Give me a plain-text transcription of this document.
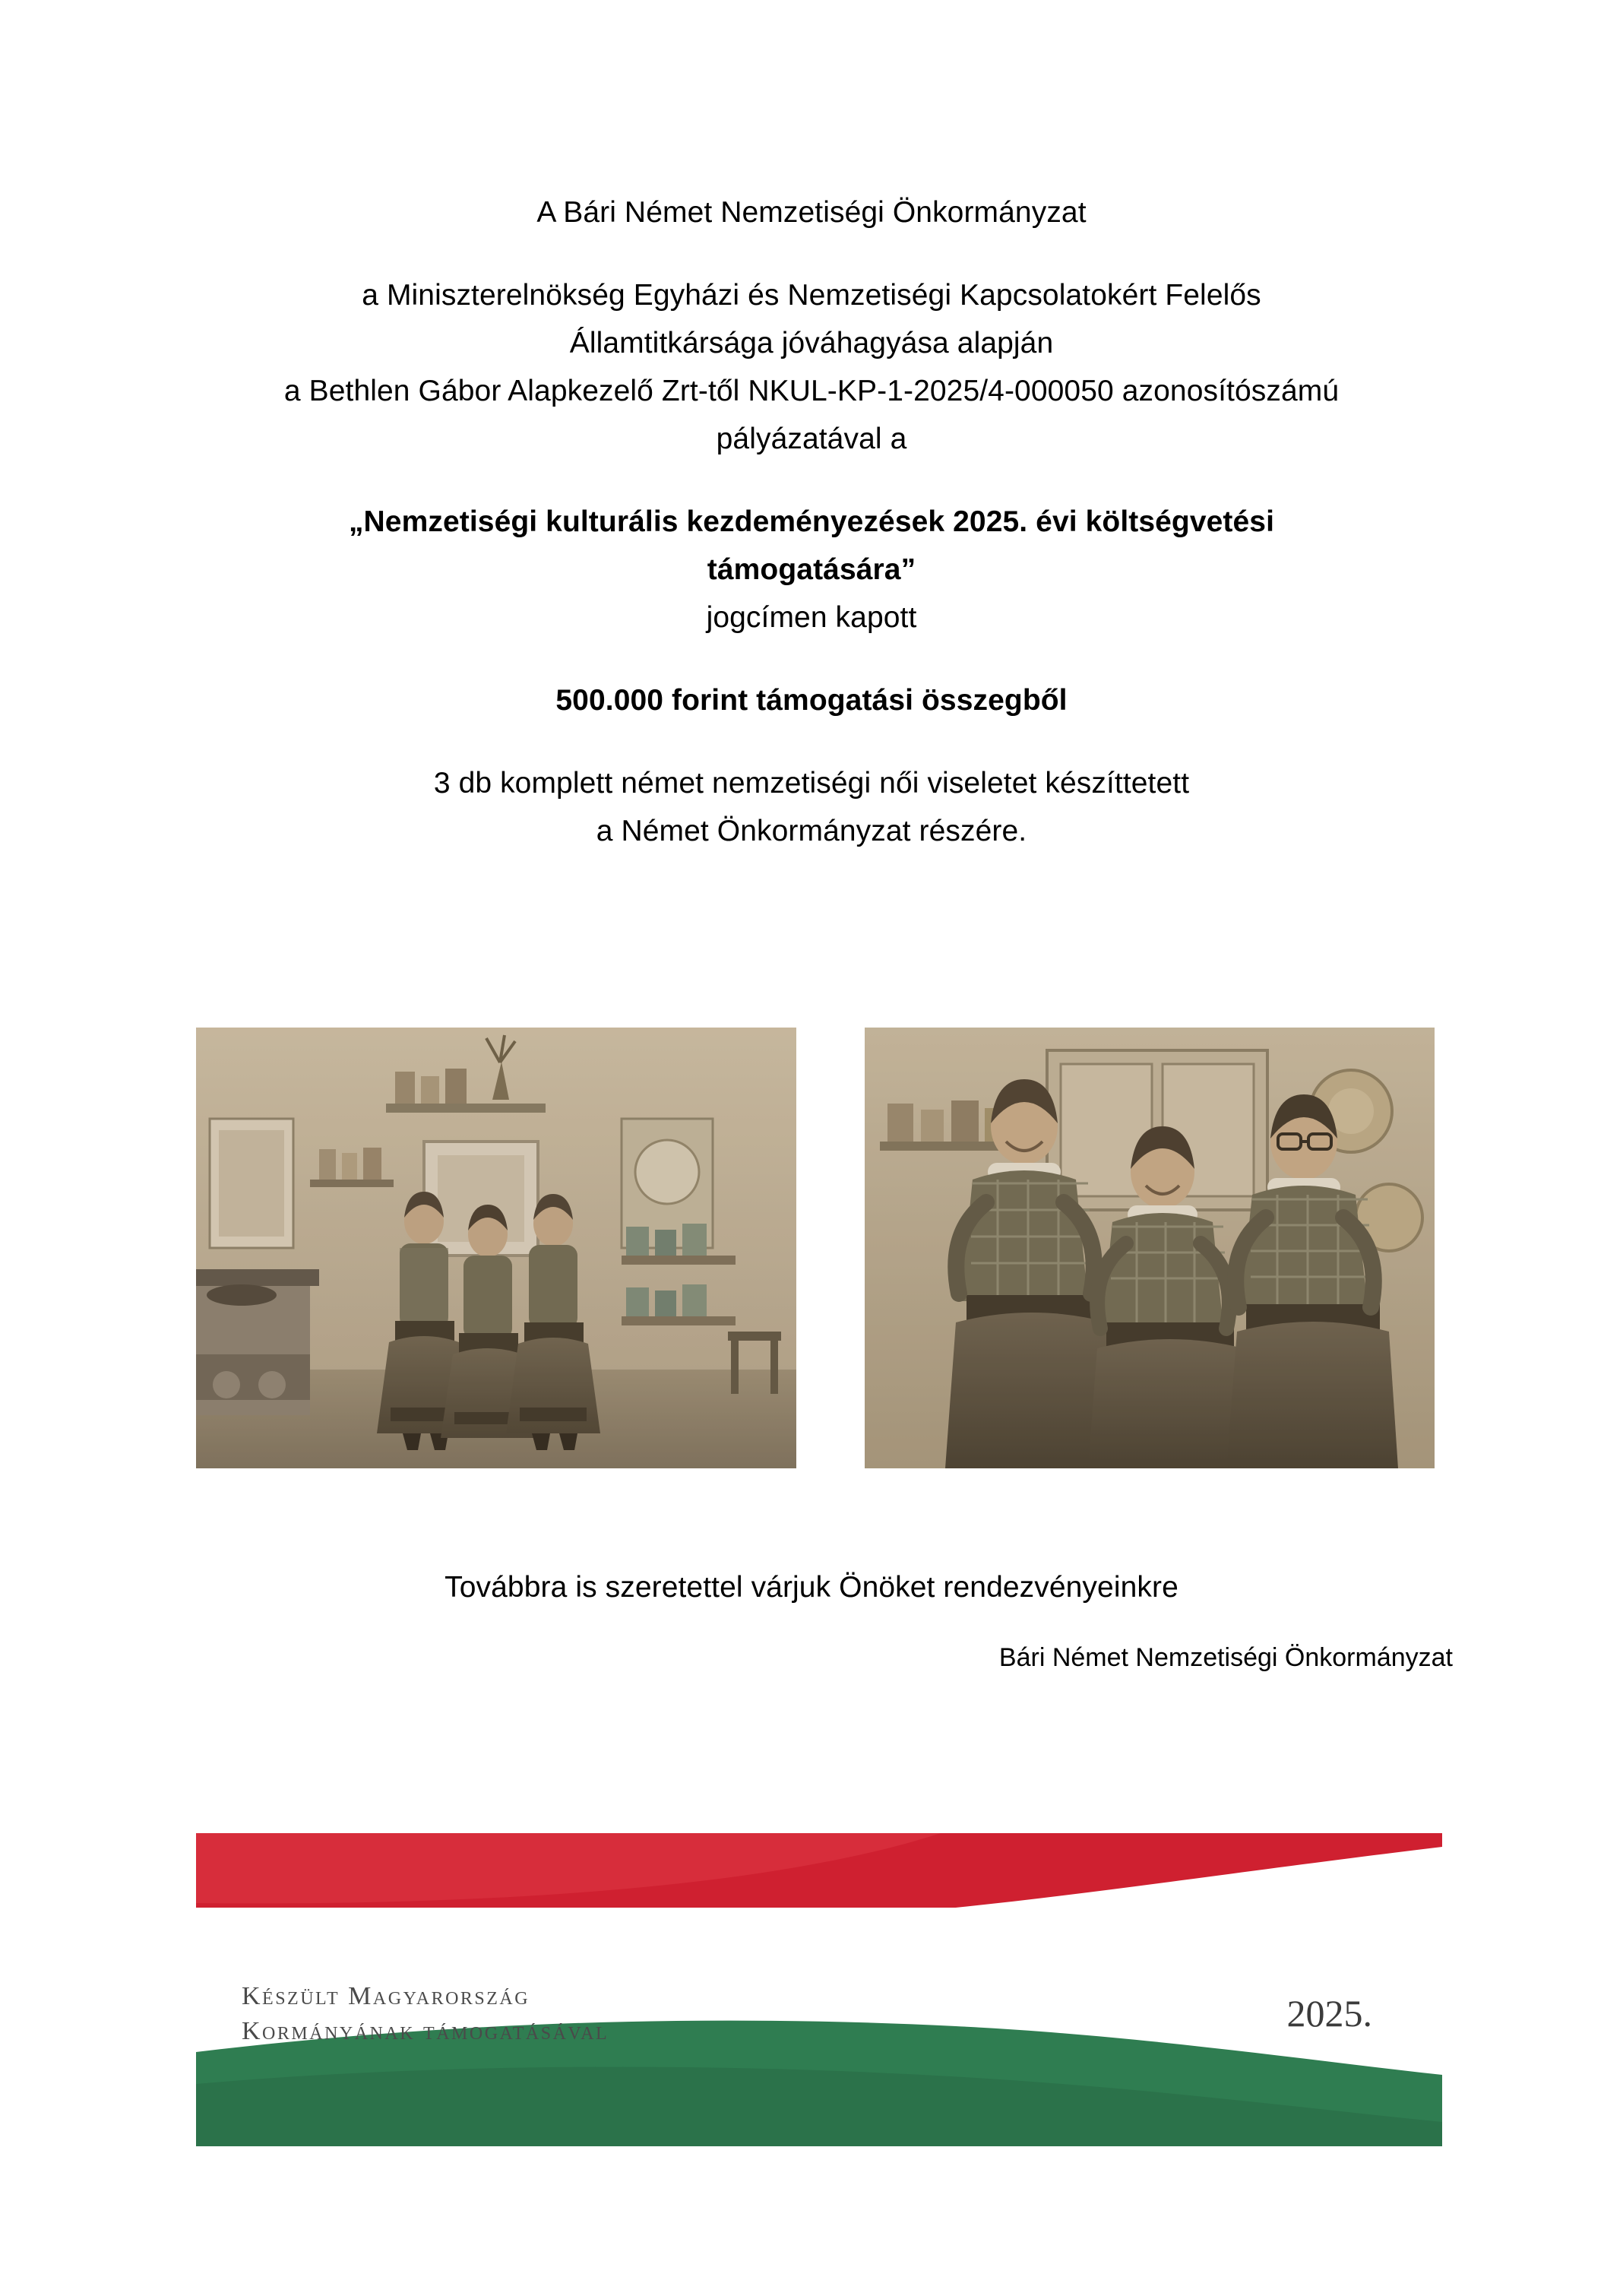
A Bári Német Nemzetiségi Önkormányzat
a Miniszterelnökség Egyházi és Nemzetiségi Kapcsolatokért Felelős
Államtitkársága jóváhagyása alapján
a Bethlen Gábor Alapkezelő Zrt-től NKUL-KP-1-2025/4-000050 azonosítószámú
pályázatával a
„Nemzetiségi kulturális kezdeményezések 2025. évi költségvetési
támogatására”
jogcímen kapott
500.000 forint támogatási összegből
3 db komplett német nemzetiségi női viseletet készíttetett
a Német Önkormányzat részére.
Továbbra is szeretettel várjuk Önöket rendezvényeinkre
Bári Német Nemzetiségi Önkormányzat
Készült Magyarország
Kormányának támogatásával	2025.
